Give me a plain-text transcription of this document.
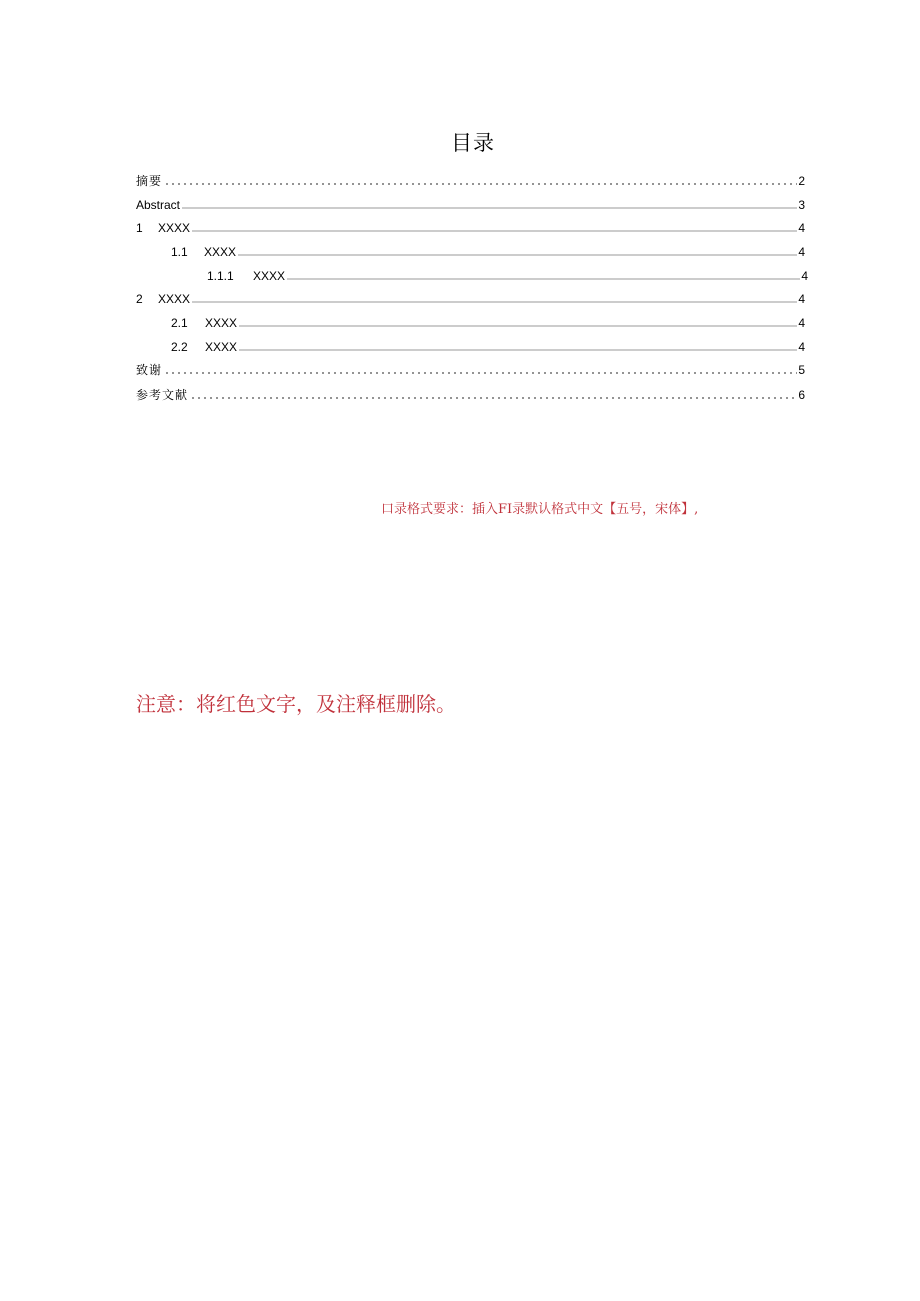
目录
摘要	2
Abstract	3
1	XXXX	4
1.1	XXXX	4
1.1.1	XXXX	4
2	XXXX	4
2.1	XXXX	4
2.2	XXXX	4
致谢	5
参考文献	6
口录格式要求：插入FI录默认格式中文【五号，宋体】,
注意：将红色文字，及注释框删除。
